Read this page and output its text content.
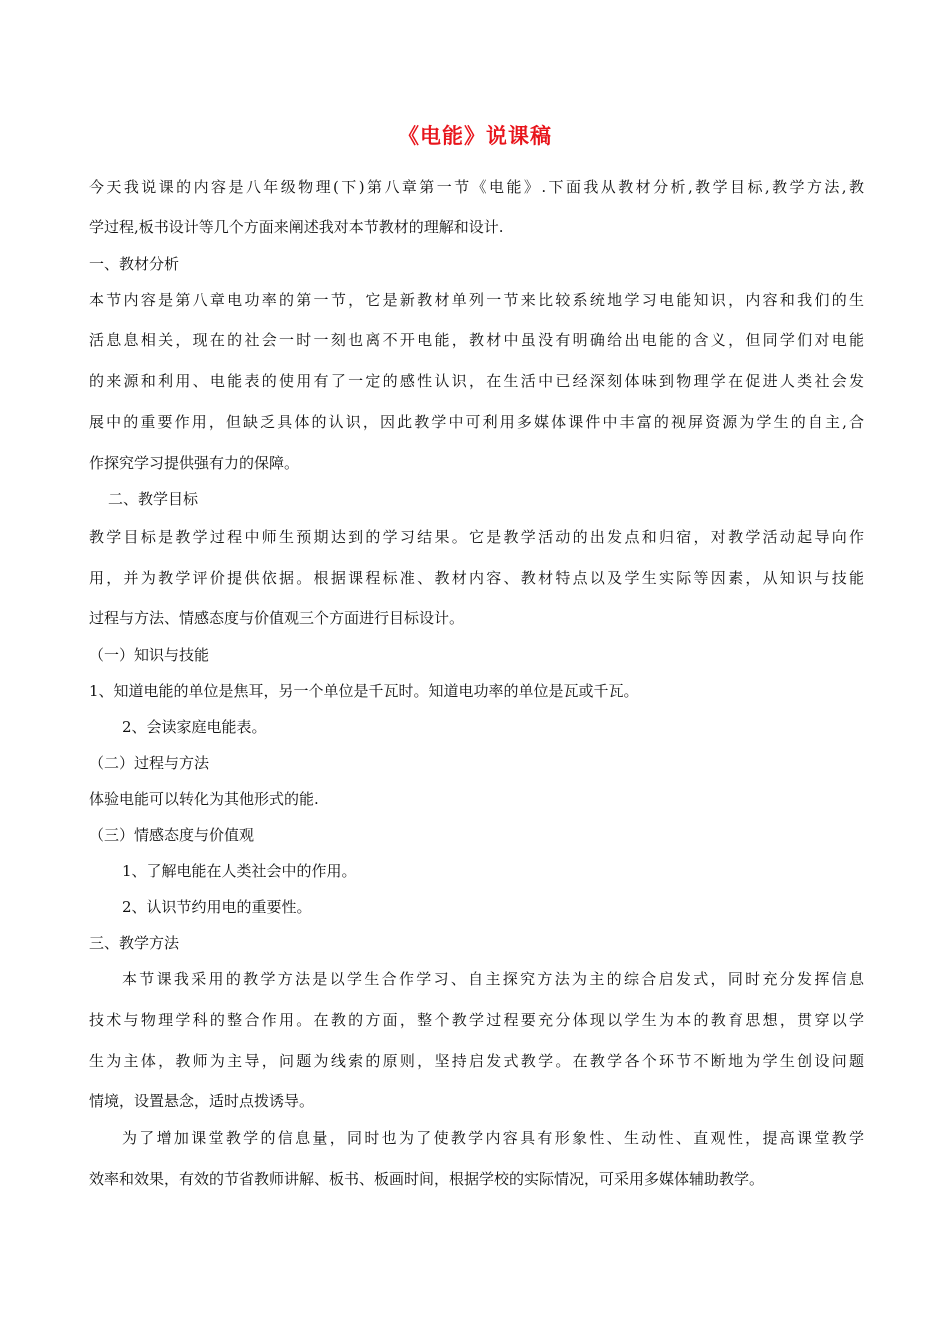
《电能》说课稿
今天我说课的内容是八年级物理(下)第八章第一节《电能》.下面我从教材分析,教学目标,教学方法,教
学过程,板书设计等几个方面来阐述我对本节教材的理解和设计.
一、教材分析
本节内容是第八章电功率的第一节，它是新教材单列一节来比较系统地学习电能知识，内容和我们的生
活息息相关，现在的社会一时一刻也离不开电能，教材中虽没有明确给出电能的含义，但同学们对电能
的来源和利用、电能表的使用有了一定的感性认识，在生活中已经深刻体味到物理学在促进人类社会发
展中的重要作用，但缺乏具体的认识，因此教学中可利用多媒体课件中丰富的视屏资源为学生的自主,合
作探究学习提供强有力的保障。
二、教学目标
教学目标是教学过程中师生预期达到的学习结果。它是教学活动的出发点和归宿，对教学活动起导向作
用，并为教学评价提供依据。根据课程标准、教材内容、教材特点以及学生实际等因素，从知识与技能
过程与方法、情感态度与价值观三个方面进行目标设计。
（一）知识与技能
1、知道电能的单位是焦耳，另一个单位是千瓦时。知道电功率的单位是瓦或千瓦。
2、会读家庭电能表。
（二）过程与方法
体验电能可以转化为其他形式的能.
（三）情感态度与价值观
1、了解电能在人类社会中的作用。
2、认识节约用电的重要性。
三、教学方法
本节课我采用的教学方法是以学生合作学习、自主探究方法为主的综合启发式，同时充分发挥信息
技术与物理学科的整合作用。在教的方面，整个教学过程要充分体现以学生为本的教育思想，贯穿以学
生为主体，教师为主导，问题为线索的原则，坚持启发式教学。在教学各个环节不断地为学生创设问题
情境，设置悬念，适时点拨诱导。
为了增加课堂教学的信息量，同时也为了使教学内容具有形象性、生动性、直观性，提高课堂教学
效率和效果，有效的节省教师讲解、板书、板画时间，根据学校的实际情况，可采用多媒体辅助教学。
